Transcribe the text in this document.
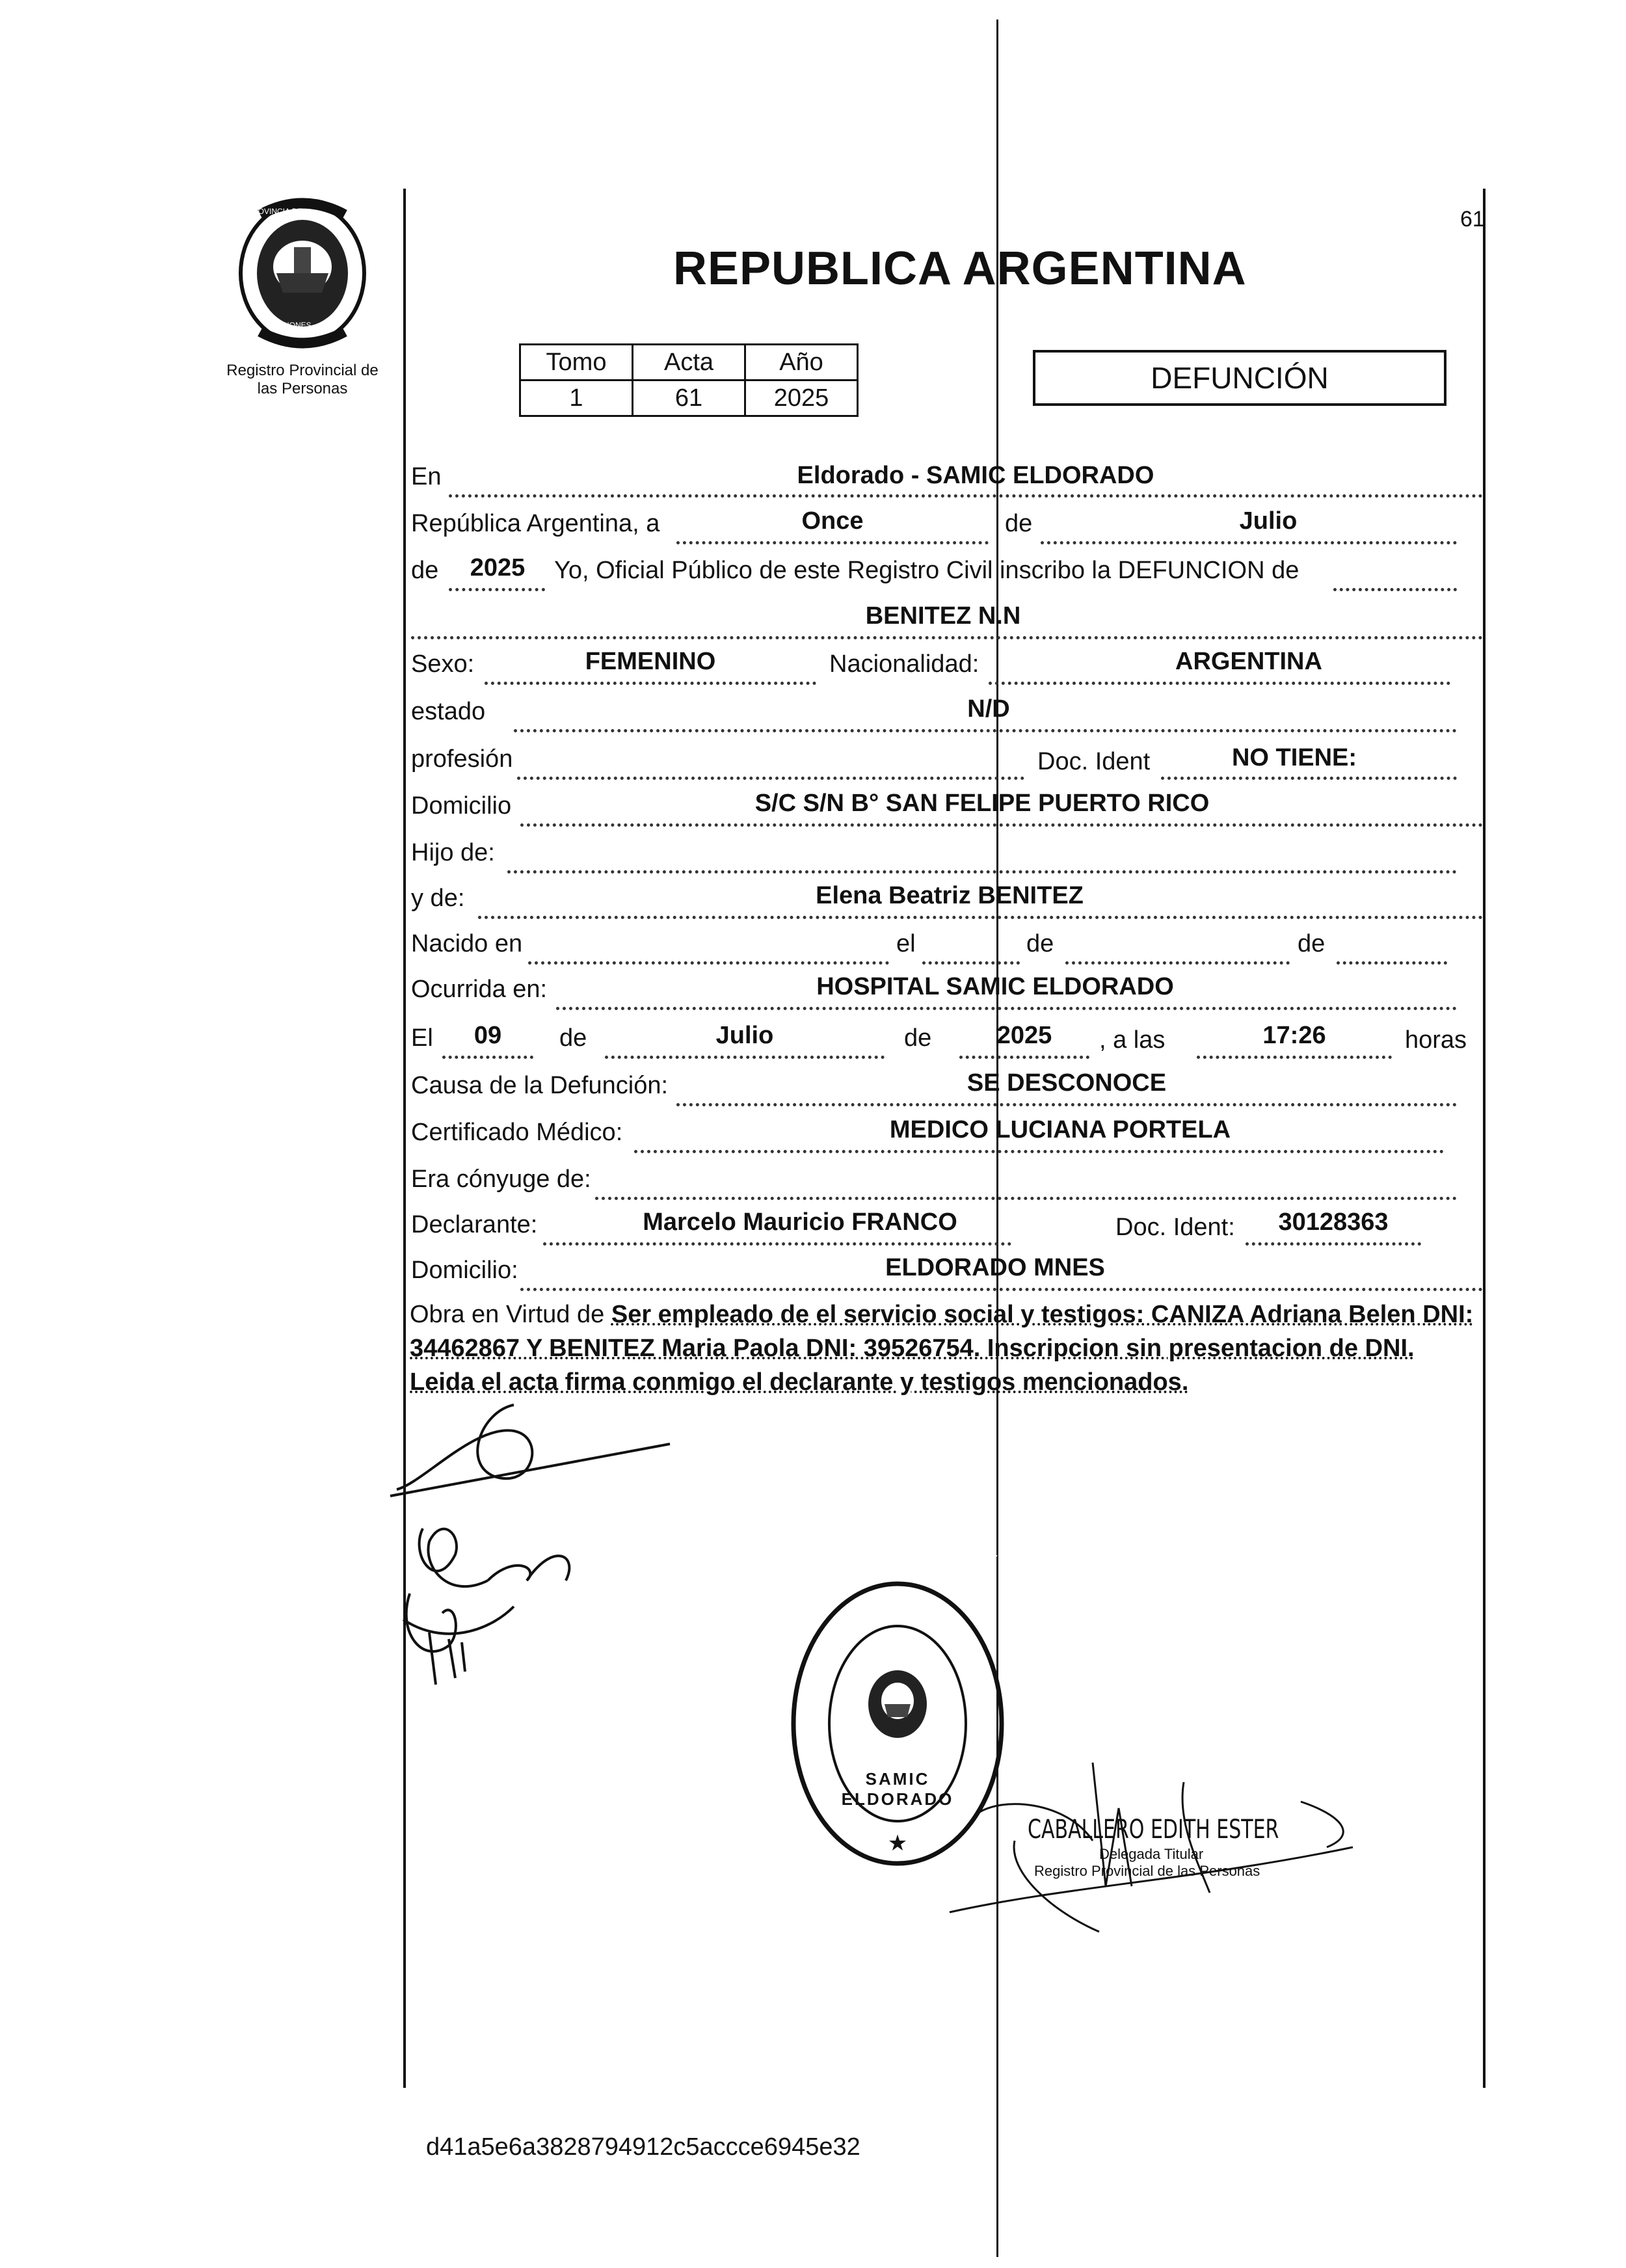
61
Registro Provincial de
las Personas
PROVINCIA DE
MISIONES
REPUBLICA ARGENTINA
Tomo	Acta	Año
1	61	2025
DEFUNCIÓN
En	Eldorado - SAMIC ELDORADO
República Argentina, a	Once	de	Julio
de	2025	Yo, Oficial Público de este Registro Civil inscribo la DEFUNCION de
BENITEZ N.N
Sexo:	FEMENINO	Nacionalidad:	ARGENTINA
estado	N/D
profesión	Doc. Ident	NO TIENE:
Domicilio	S/C S/N B° SAN FELIPE PUERTO RICO
Hijo de:
y de:	Elena Beatriz BENITEZ
Nacido en	el	de	de
Ocurrida en:	HOSPITAL SAMIC ELDORADO
El	09	de	Julio	de	2025	, a las	17:26	horas
Causa de la Defunción:	SE DESCONOCE
Certificado Médico:	MEDICO LUCIANA PORTELA
Era cónyuge de:
Declarante:	Marcelo Mauricio FRANCO	Doc. Ident:	30128363
Domicilio:	ELDORADO MNES
Obra en Virtud de Ser empleado de el servicio social y testigos: CANIZA Adriana Belen DNI: 34462867 Y BENITEZ Maria Paola DNI: 39526754. Inscripcion sin presentacion de DNI. Leida el acta firma conmigo el declarante y testigos mencionados.
★
DELEGACION DEL REGISTRO PROVINCIAL DE LAS PERSONAS
SAMIC ELDORADO
CABALLERO EDITH ESTER
Delegada Titular
Registro Provincial de las Personas
d41a5e6a3828794912c5accce6945e32
